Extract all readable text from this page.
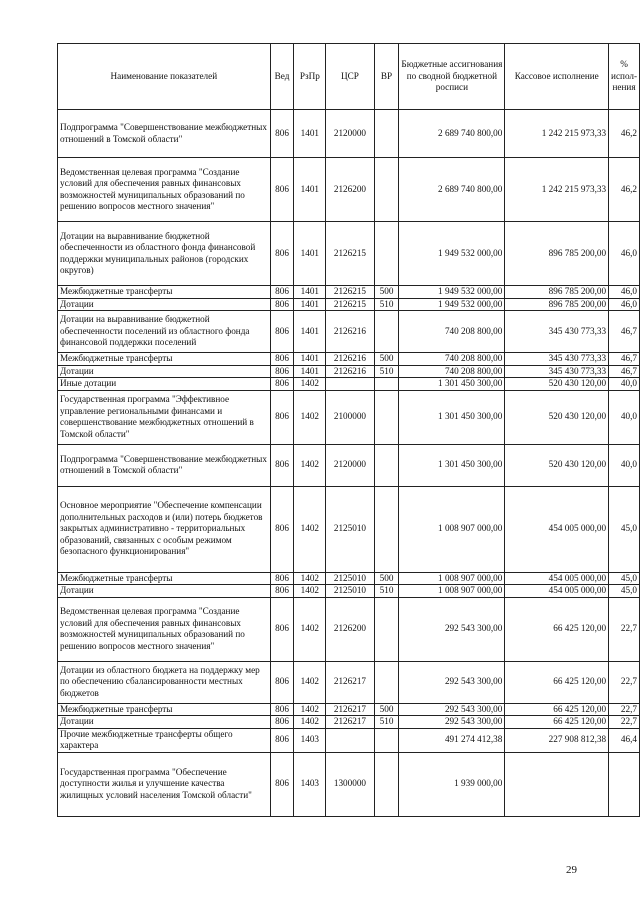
Наименование показателей	Вед	РзПр	ЦСР	ВР	Бюджетные ассигнования по сводной бюджетной росписи	Кассовое исполнение	% испол-нения
Подпрограмма "Совершенствование межбюджетных отношений в Томской области"	806	1401	2120000		2 689 740 800,00	1 242 215 973,33	46,2
Ведомственная целевая программа "Создание условий для обеспечения равных финансовых возможностей муниципальных образований по решению вопросов местного значения"	806	1401	2126200		2 689 740 800,00	1 242 215 973,33	46,2
Дотации на выравнивание бюджетной обеспеченности из областного фонда финансовой поддержки муниципальных районов (городских округов)	806	1401	2126215		1 949 532 000,00	896 785 200,00	46,0
Межбюджетные трансферты	806	1401	2126215	500	1 949 532 000,00	896 785 200,00	46,0
Дотации	806	1401	2126215	510	1 949 532 000,00	896 785 200,00	46,0
Дотации на выравнивание бюджетной обеспеченности поселений из областного фонда финансовой поддержки поселений	806	1401	2126216		740 208 800,00	345 430 773,33	46,7
Межбюджетные трансферты	806	1401	2126216	500	740 208 800,00	345 430 773,33	46,7
Дотации	806	1401	2126216	510	740 208 800,00	345 430 773,33	46,7
Иные дотации	806	1402			1 301 450 300,00	520 430 120,00	40,0
Государственная программа "Эффективное управление региональными финансами и совершенствование межбюджетных отношений в Томской области"	806	1402	2100000		1 301 450 300,00	520 430 120,00	40,0
Подпрограмма "Совершенствование межбюджетных отношений в Томской области"	806	1402	2120000		1 301 450 300,00	520 430 120,00	40,0
Основное мероприятие "Обеспечение компенсации дополнительных расходов и (или) потерь бюджетов закрытых административно - территориальных образований, связанных с особым режимом безопасного функционирования"	806	1402	2125010		1 008 907 000,00	454 005 000,00	45,0
Межбюджетные трансферты	806	1402	2125010	500	1 008 907 000,00	454 005 000,00	45,0
Дотации	806	1402	2125010	510	1 008 907 000,00	454 005 000,00	45,0
Ведомственная целевая программа "Создание условий для обеспечения равных финансовых возможностей муниципальных образований по решению вопросов местного значения"	806	1402	2126200		292 543 300,00	66 425 120,00	22,7
Дотации из областного бюджета на поддержку мер по обеспечению сбалансированности местных бюджетов	806	1402	2126217		292 543 300,00	66 425 120,00	22,7
Межбюджетные трансферты	806	1402	2126217	500	292 543 300,00	66 425 120,00	22,7
Дотации	806	1402	2126217	510	292 543 300,00	66 425 120,00	22,7
Прочие межбюджетные трансферты общего характера	806	1403			491 274 412,38	227 908 812,38	46,4
Государственная программа "Обеспечение доступности жилья и улучшение качества жилищных условий населения Томской области"	806	1403	1300000		1 939 000,00		
29
